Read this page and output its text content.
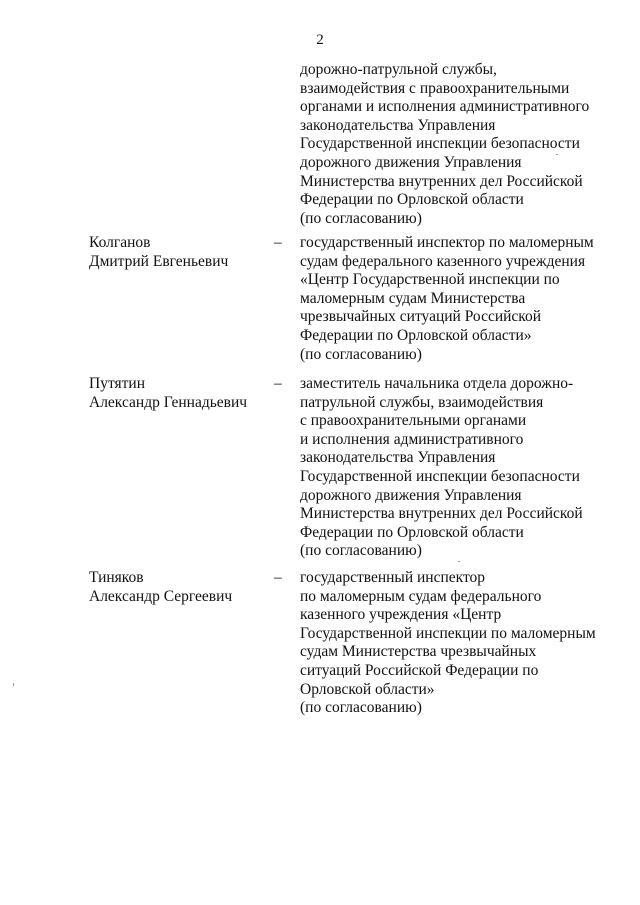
2
дорожно-патрульной службы,
взаимодействия с правоохранительными
органами и исполнения административного
законодательства Управления
Государственной инспекции безопасности
дорожного движения Управления
Министерства внутренних дел Российской
Федерации по Орловской области
(по согласованию)
Колганов
Дмитрий Евгеньевич
– государственный инспектор по маломерным
судам федерального казенного учреждения
«Центр Государственной инспекции по
маломерным судам Министерства
чрезвычайных ситуаций Российской
Федерации по Орловской области»
(по согласованию)
Путятин
Александр Геннадьевич
– заместитель начальника отдела дорожно-
патрульной службы, взаимодействия
с правоохранительными органами
и исполнения административного
законодательства Управления
Государственной инспекции безопасности
дорожного движения Управления
Министерства внутренних дел Российской
Федерации по Орловской области
(по согласованию)
Тиняков
Александр Сергеевич
– государственный инспектор
по маломерным судам федерального
казенного учреждения «Центр
Государственной инспекции по маломерным
судам Министерства чрезвычайных
ситуаций Российской Федерации по
Орловской области»
(по согласованию)
